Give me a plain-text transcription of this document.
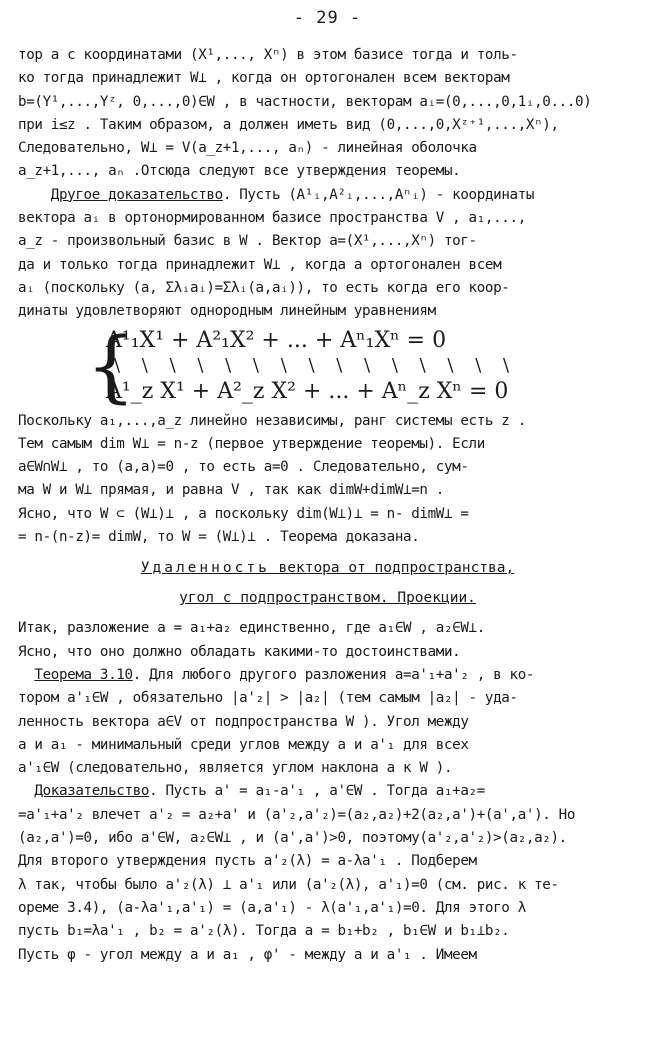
- 29 -
тор a с координатами (X¹,..., Xⁿ) в этом базисе тогда и толь-
ко тогда принадлежит W⊥ , когда он ортогонален всем векторам
b=(Y¹,...,Yᶻ, 0,...,0)∈W , в частности, векторам aᵢ=(0,...,0,1ᵢ,0...0)
при i≤z . Таким образом, a должен иметь вид (0,...,0,Xᶻ⁺¹,...,Xⁿ),
Следовательно, W⊥ = V(a_z+1,..., aₙ) - линейная оболочка
a_z+1,..., aₙ .Отсюда следуют все утверждения теоремы.
Другое доказательство. Пусть (A¹ᵢ,A²ᵢ,...,Aⁿᵢ) - координаты
вектора aᵢ в ортонормированном базисе пространства V , a₁,...,
a_z - произвольный базис в W . Вектор a=(X¹,...,Xⁿ) тог-
да и только тогда принадлежит W⊥ , когда a ортогонален всем
aᵢ (поскольку (a, Σλᵢaᵢ)=Σλᵢ(a,aᵢ)), то есть когда его коор-
динаты удовлетворяют однородным линейным уравнениям
{
A¹₁X¹ + A²₁X² + ... + Aⁿ₁Xⁿ = 0
\ \ \ \ \ \ \ \ \ \ \ \ \ \ \
A¹_z X¹ + A²_z X² + ... + Aⁿ_z Xⁿ = 0
Поскольку a₁,...,a_z линейно независимы, ранг системы есть z .
Тем самым dim W⊥ = n-z (первое утверждение теоремы). Если
a∈W∩W⊥ , то (a,a)=0 , то есть a=0 . Следовательно, сум-
ма W и W⊥ прямая, и равна V , так как dimW+dimW⊥=n .
Ясно, что W ⊂ (W⊥)⊥ , а поскольку dim(W⊥)⊥ = n- dimW⊥ =
= n-(n-z)= dimW, то W = (W⊥)⊥ . Теорема доказана.
Удаленность вектора от подпространства,
угол с подпространством. Проекции.
Итак, разложение a = a₁+a₂ единственно, где a₁∈W , a₂∈W⊥.
Ясно, что оно должно обладать какими-то достоинствами.
Теорема 3.10. Для любого другого разложения a=a'₁+a'₂ , в ко-
тором a'₁∈W , обязательно |a'₂| > |a₂| (тем самым |a₂| - уда-
ленность вектора a∈V от подпространства W ). Угол между
a и a₁ - минимальный среди углов между a и a'₁ для всех
a'₁∈W (следовательно, является углом наклона a к W ).
Доказательство. Пусть a' = a₁-a'₁ , a'∈W . Тогда a₁+a₂=
=a'₁+a'₂ влечет a'₂ = a₂+a' и (a'₂,a'₂)=(a₂,a₂)+2(a₂,a')+(a',a'). Но
(a₂,a')=0, ибо a'∈W, a₂∈W⊥ , и (a',a')>0, поэтому(a'₂,a'₂)>(a₂,a₂).
Для второго утверждения пусть a'₂(λ) = a-λa'₁ . Подберем
λ так, чтобы было a'₂(λ) ⊥ a'₁ или (a'₂(λ), a'₁)=0 (см. рис. к те-
ореме 3.4), (a-λa'₁,a'₁) = (a,a'₁) - λ(a'₁,a'₁)=0. Для этого λ
пусть b₁=λa'₁ , b₂ = a'₂(λ). Тогда a = b₁+b₂ , b₁∈W и b₁⊥b₂.
Пусть φ - угол между a и a₁ , φ' - между a и a'₁ . Имеем
